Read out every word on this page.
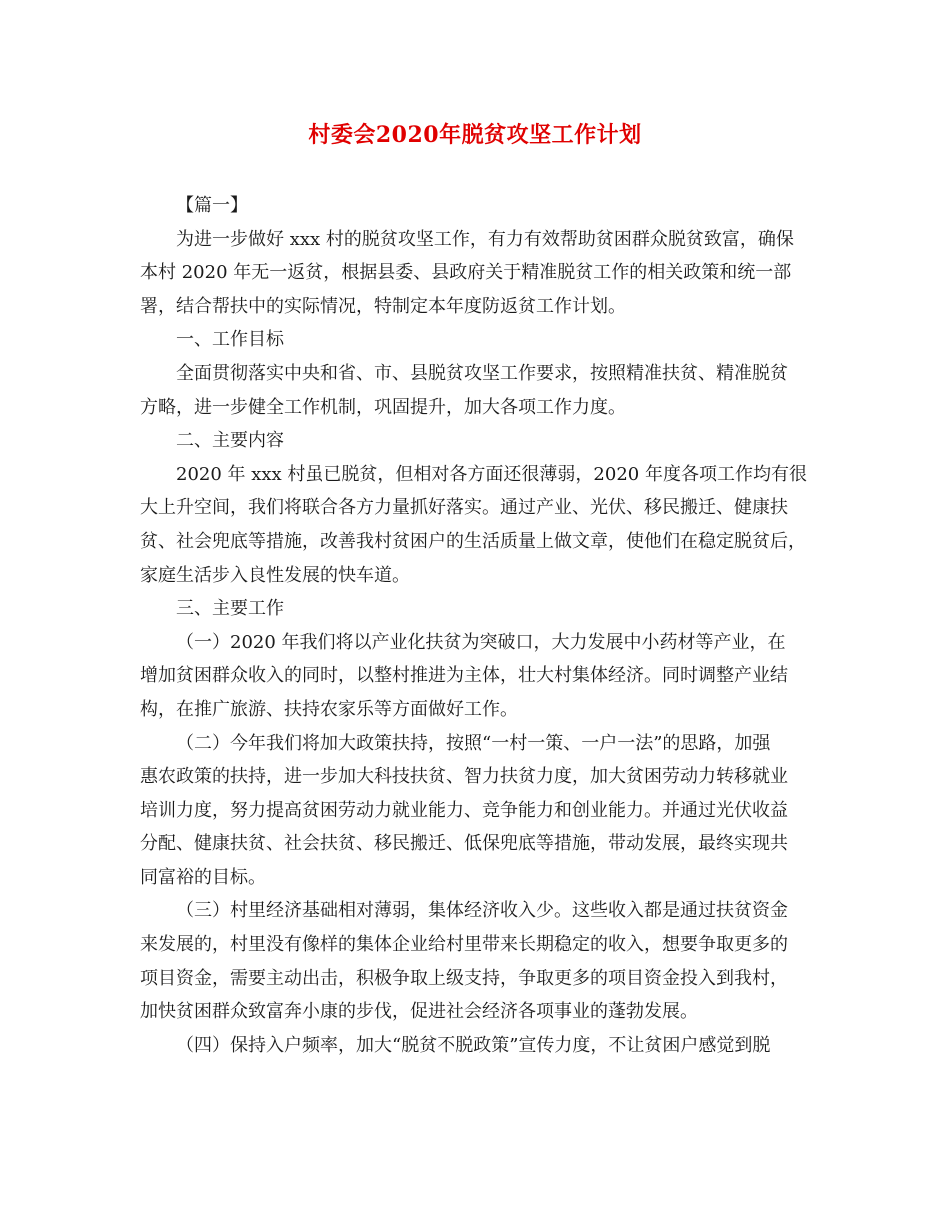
村委会2020年脱贫攻坚工作计划
【篇一】
为进一步做好 xxx 村的脱贫攻坚工作，有力有效帮助贫困群众脱贫致富，确保
本村 2020 年无一返贫，根据县委、县政府关于精准脱贫工作的相关政策和统一部
署，结合帮扶中的实际情况，特制定本年度防返贫工作计划。
一、工作目标
全面贯彻落实中央和省、市、县脱贫攻坚工作要求，按照精准扶贫、精准脱贫
方略，进一步健全工作机制，巩固提升，加大各项工作力度。
二、主要内容
2020 年 xxx 村虽已脱贫，但相对各方面还很薄弱，2020 年度各项工作均有很
大上升空间，我们将联合各方力量抓好落实。通过产业、光伏、移民搬迁、健康扶
贫、社会兜底等措施，改善我村贫困户的生活质量上做文章，使他们在稳定脱贫后，
家庭生活步入良性发展的快车道。
三、主要工作
（一）2020 年我们将以产业化扶贫为突破口，大力发展中小药材等产业，在
增加贫困群众收入的同时，以整村推进为主体，壮大村集体经济。同时调整产业结
构，在推广旅游、扶持农家乐等方面做好工作。
（二）今年我们将加大政策扶持，按照“一村一策、一户一法”的思路，加强
惠农政策的扶持，进一步加大科技扶贫、智力扶贫力度，加大贫困劳动力转移就业
培训力度，努力提高贫困劳动力就业能力、竞争能力和创业能力。并通过光伏收益
分配、健康扶贫、社会扶贫、移民搬迁、低保兜底等措施，带动发展，最终实现共
同富裕的目标。
（三）村里经济基础相对薄弱，集体经济收入少。这些收入都是通过扶贫资金
来发展的，村里没有像样的集体企业给村里带来长期稳定的收入，想要争取更多的
项目资金，需要主动出击，积极争取上级支持，争取更多的项目资金投入到我村，
加快贫困群众致富奔小康的步伐，促进社会经济各项事业的蓬勃发展。
（四）保持入户频率，加大“脱贫不脱政策”宣传力度，不让贫困户感觉到脱
